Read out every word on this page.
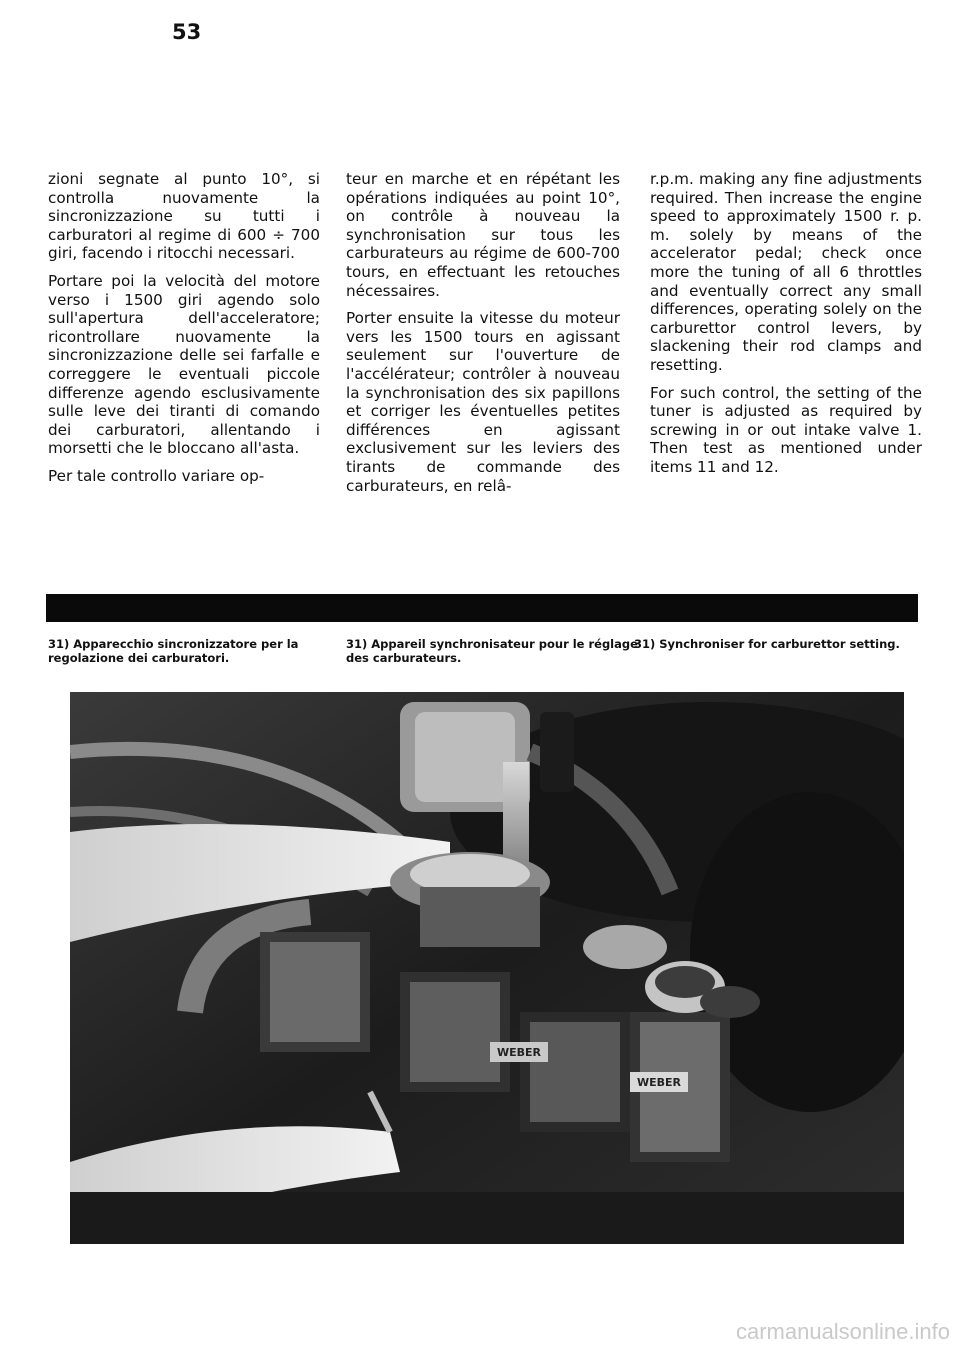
53

zioni segnate al punto 10°, si controlla nuovamente la sincronizzazione su tutti i carburatori al regime di 600 ÷ 700 giri, facendo i ritocchi necessari.

Portare poi la velocità del motore verso i 1500 giri agendo solo sull'apertura dell'acceleratore; ricontrollare nuovamente la sincronizzazione delle sei farfalle e correggere le eventuali piccole differenze agendo esclusivamente sulle leve dei tiranti di comando dei carburatori, allentando i morsetti che le bloccano all'asta.

Per tale controllo variare op-

teur en marche et en répétant les opérations indiquées au point 10°, on contrôle à nouveau la synchronisation sur tous les carburateurs au régime de 600-700 tours, en effectuant les retouches nécessaires.

Porter ensuite la vitesse du moteur vers les 1500 tours en agissant seulement sur l'ouverture de l'accélérateur; contrôler à nouveau la synchronisation des six papillons et corriger les éventuelles petites différences en agissant exclusivement sur les leviers des tirants de commande des carburateurs, en relâ-

r.p.m. making any fine adjustments required. Then increase the engine speed to approximately 1500 r. p. m. solely by means of the accelerator pedal; check once more the tuning of all 6 throttles and eventually correct any small differences, operating solely on the carburettor control levers, by slackening their rod clamps and resetting.

For such control, the setting of the tuner is adjusted as required by screwing in or out intake valve 1. Then test as mentioned under items 11 and 12.

31) Apparecchio sincronizzatore per la regolazione dei carburatori.
31) Appareil synchronisateur pour le réglage des carburateurs.
31) Synchroniser for carburettor setting.
WEBER
WEBER
carmanualsonline.info
